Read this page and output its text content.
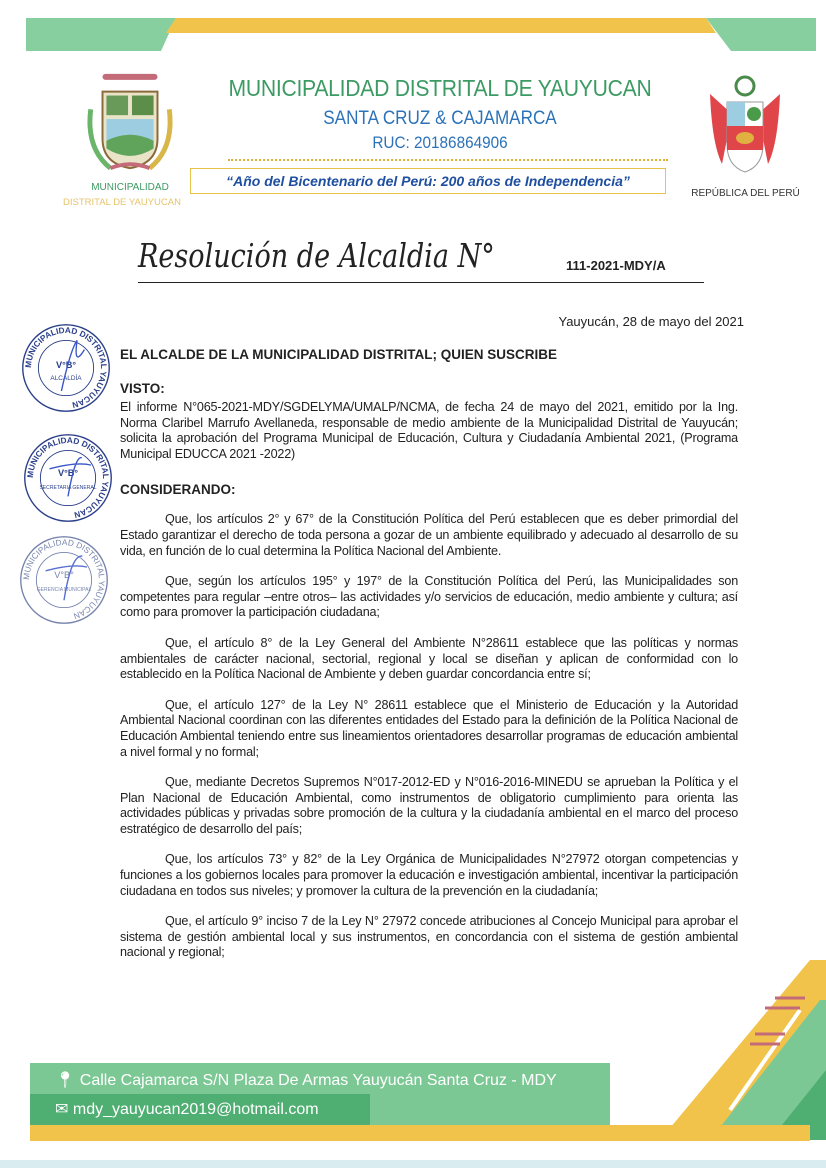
MUNICIPALIDAD
DISTRITAL DE YAUYUCAN
MUNICIPALIDAD DISTRITAL DE YAUYUCAN
SANTA CRUZ & CAJAMARCA
RUC: 20186864906
“Año del Bicentenario del Perú: 200 años de Independencia”
REPÚBLICA DEL PERÚ
Resolución de Alcaldia N°	111-2021-MDY/A
Yauyucán, 28 de mayo del 2021
EL ALCALDE DE LA MUNICIPALIDAD DISTRITAL; QUIEN SUSCRIBE
VISTO:
El informe N°065-2021-MDY/SGDELYMA/UMALP/NCMA, de fecha 24 de mayo del 2021, emitido por la Ing. Norma Claribel Marrufo Avellaneda, responsable de medio ambiente de la Municipalidad Distrital de Yauyucán; solicita la aprobación del Programa Municipal de Educación, Cultura y Ciudadanía Ambiental 2021, (Programa Municipal EDUCCA 2021 -2022)
CONSIDERANDO:
Que, los artículos 2° y 67° de la Constitución Política del Perú establecen que es deber primordial del Estado garantizar el derecho de toda persona a gozar de un ambiente equilibrado y adecuado al desarrollo de su vida, en función de lo cual determina la Política Nacional del Ambiente.
Que, según los artículos 195° y 197° de la Constitución Política del Perú, las Municipalidades son competentes para regular –entre otros– las actividades y/o servicios de educación, medio ambiente y cultura; así como para promover la participación ciudadana;
Que, el artículo 8° de la Ley General del Ambiente N°28611 establece que las políticas y normas ambientales de carácter nacional, sectorial, regional y local se diseñan y aplican de conformidad con lo establecido en la Política Nacional de Ambiente y deben guardar concordancia entre sí;
Que, el artículo 127° de la Ley N° 28611 establece que el Ministerio de Educación y la Autoridad Ambiental Nacional coordinan con las diferentes entidades del Estado para la definición de la Política Nacional de Educación Ambiental teniendo entre sus lineamientos orientadores desarrollar programas de educación ambiental a nivel formal y no formal;
Que, mediante Decretos Supremos N°017-2012-ED y N°016-2016-MINEDU se aprueban la Política y el Plan Nacional de Educación Ambiental, como instrumentos de obligatorio cumplimiento para orienta las actividades públicas y privadas sobre promoción de la cultura y la ciudadanía ambiental en el marco del proceso estratégico de desarrollo del país;
Que, los artículos 73° y 82° de la Ley Orgánica de Municipalidades N°27972 otorgan competencias y funciones a los gobiernos locales para promover la educación e investigación ambiental, incentivar la participación ciudadana en todos sus niveles; y promover la cultura de la prevención en la ciudadanía;
Que, el artículo 9° inciso 7 de la Ley N° 27972 concede atribuciones al Concejo Municipal para aprobar el sistema de gestión ambiental local y sus instrumentos, en concordancia con el sistema de gestión ambiental nacional y regional;
MUNICIPALIDAD DISTRITAL YAUYUCAN
V°B°
ALCALDÍA
MUNICIPALIDAD DISTRITAL YAUYUCAN
V°B°
SECRETARIA GENERAL
MUNICIPALIDAD DISTRITAL YAUYUCAN
V°B°
GERENCIA MUNICIPAL
📍︎ Calle Cajamarca S/N Plaza De Armas Yauyucán Santa Cruz - MDY
✉ mdy_yauyucan2019@hotmail.com
